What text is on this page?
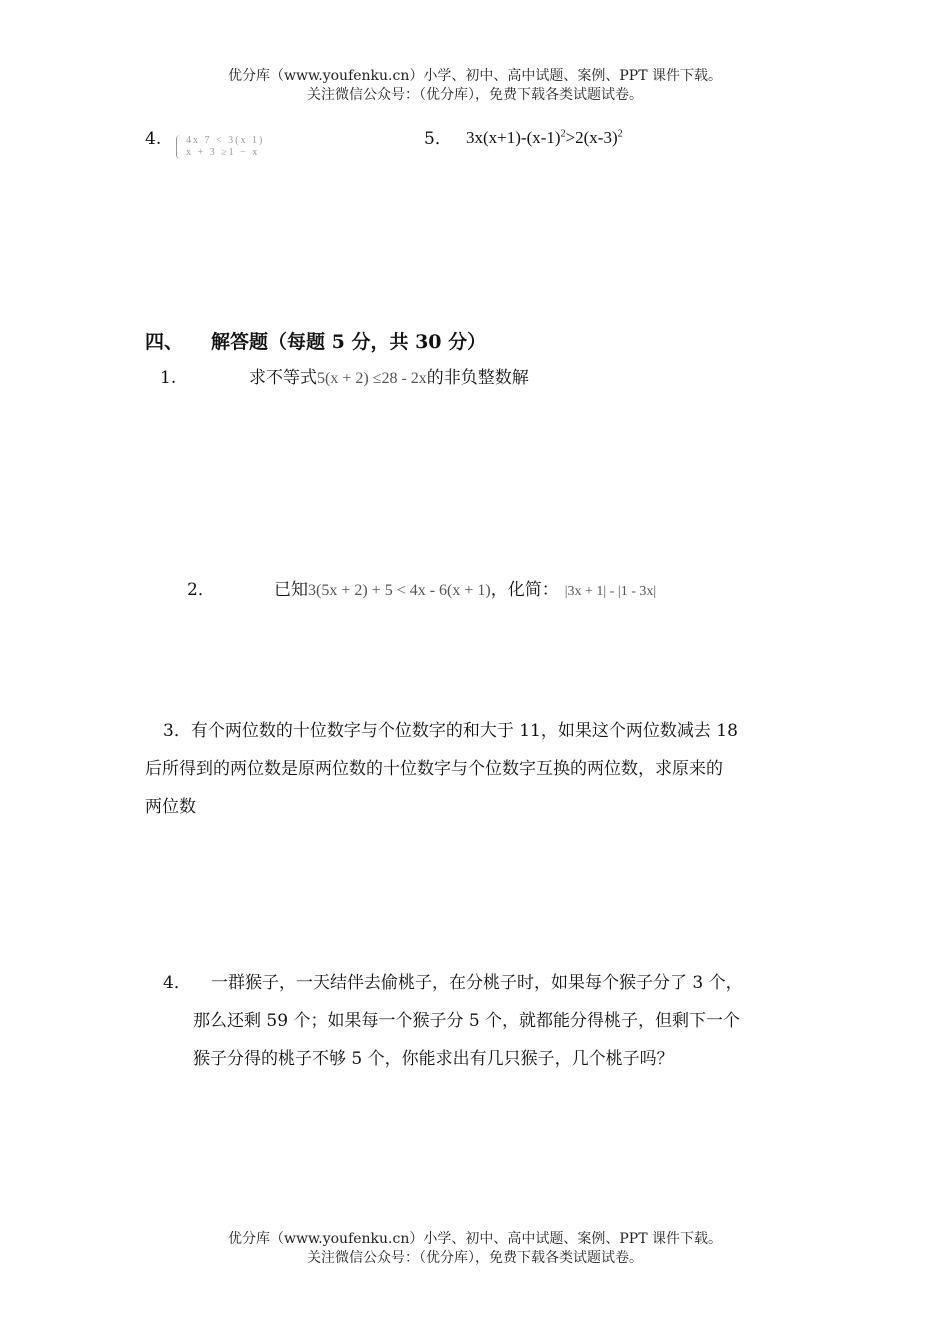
优分库（www.youfenku.cn）小学、初中、高中试题、案例、PPT 课件下载。
关注微信公众号：（优分库），免费下载各类试题试卷。
4. 4x 7 < 3(x 1)
x + 3 ≥1 − x
5． $3x(x+1)-(x-1)^2>2(x-3)^2$
四、 解答题（每题 5 分，共 30 分）
1.	求不等式5(x + 2) ≤28 - 2x的非负整数解
2．	已知3(5x + 2) + 5 < 4x - 6(x + 1)，化简： |3x + 1| - |1 - 3x|
3．有个两位数的十位数字与个位数字的和大于 11，如果这个两位数减去 18
后所得到的两位数是原两位数的十位数字与个位数字互换的两位数，求原来的
两位数
4． 一群猴子，一天结伴去偷桃子，在分桃子时，如果每个猴子分了 3 个，
那么还剩 59 个；如果每一个猴子分 5 个，就都能分得桃子，但剩下一个
猴子分得的桃子不够 5 个，你能求出有几只猴子，几个桃子吗？
优分库（www.youfenku.cn）小学、初中、高中试题、案例、PPT 课件下载。
关注微信公众号：（优分库），免费下载各类试题试卷。
